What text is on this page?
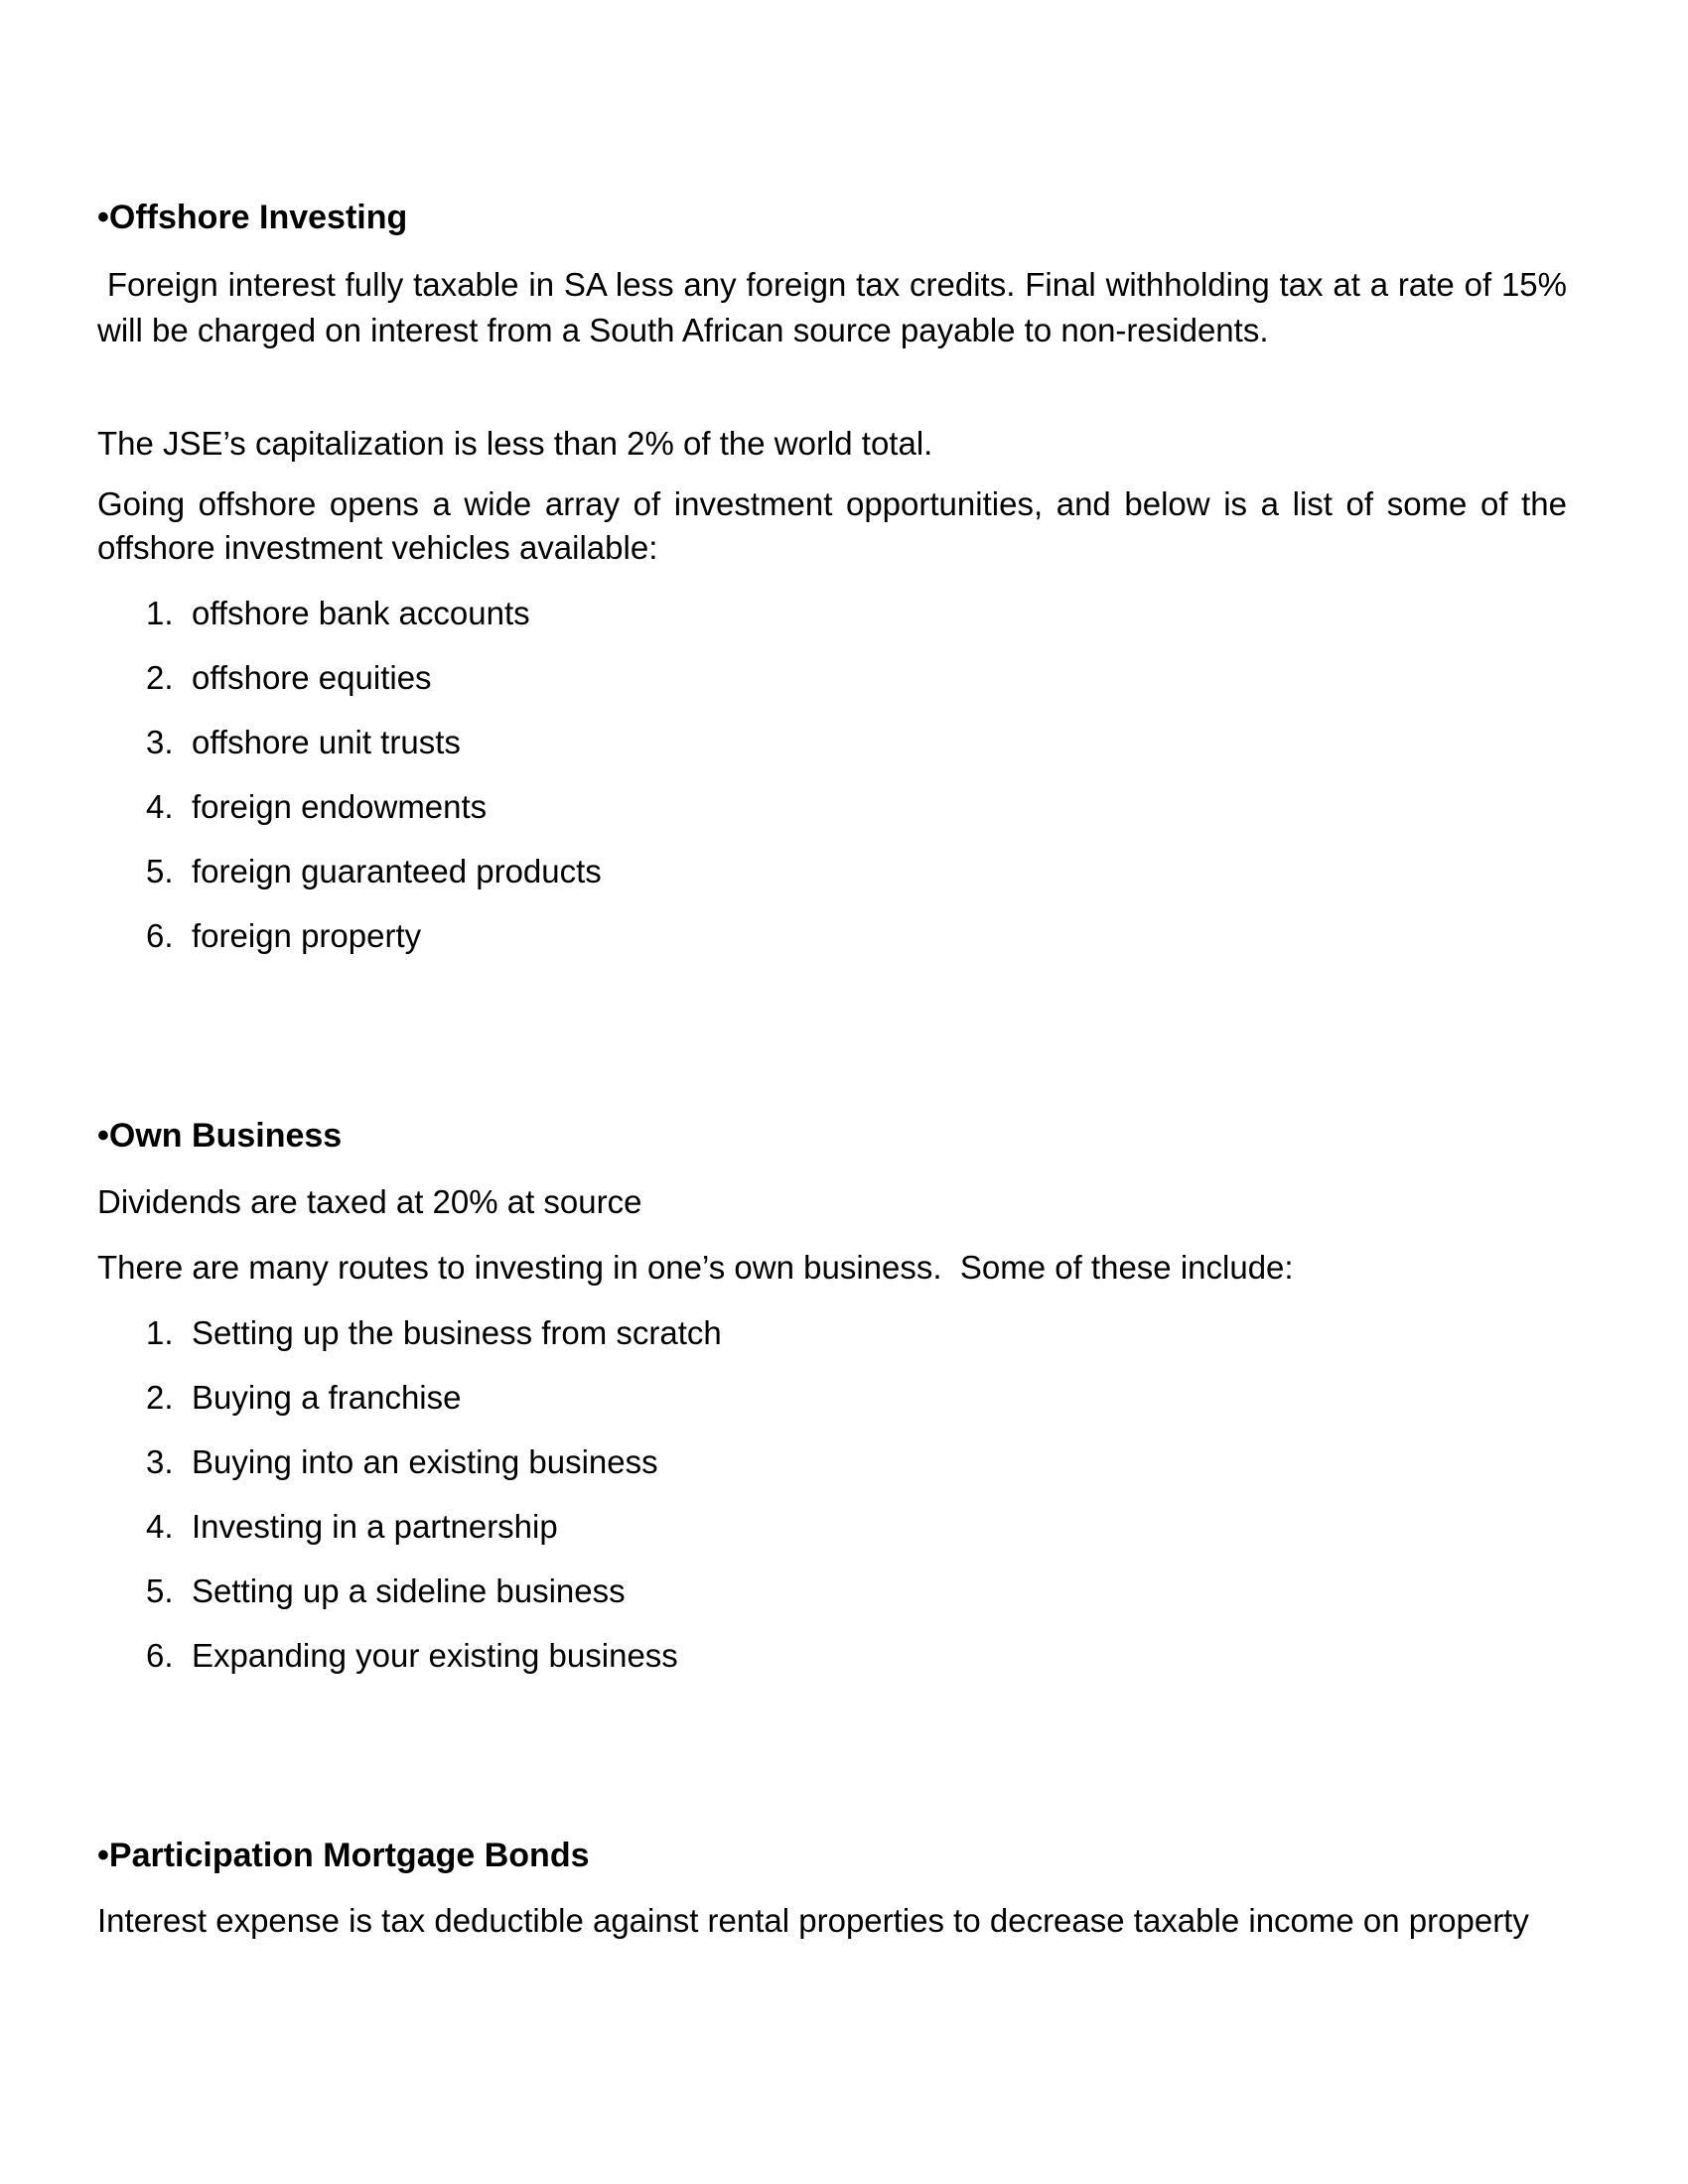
•Offshore Investing
Foreign interest fully taxable in SA less any foreign tax credits. Final withholding tax at a rate of 15% will be charged on interest from a South African source payable to non-residents.
The JSE’s capitalization is less than 2% of the world total.
Going offshore opens a wide array of investment opportunities, and below is a list of some of the offshore investment vehicles available:
1. offshore bank accounts
2. offshore equities
3. offshore unit trusts
4. foreign endowments
5. foreign guaranteed products
6. foreign property
•Own Business
Dividends are taxed at 20% at source
There are many routes to investing in one’s own business.  Some of these include:
1. Setting up the business from scratch
2. Buying a franchise
3. Buying into an existing business
4. Investing in a partnership
5. Setting up a sideline business
6. Expanding your existing business
•Participation Mortgage Bonds
Interest expense is tax deductible against rental properties to decrease taxable income on property
